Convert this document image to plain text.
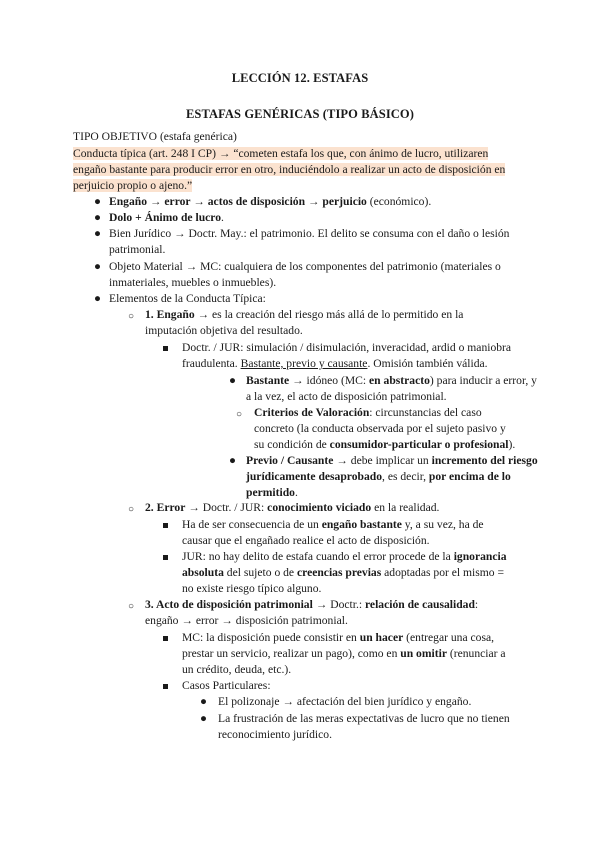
LECCIÓN 12. ESTAFAS
ESTAFAS GENÉRICAS (TIPO BÁSICO)
TIPO OBJETIVO (estafa genérica)
Conducta típica (art. 248 I CP) → “cometen estafa los que, con ánimo de lucro, utilizaren
engaño bastante para producir error en otro, induciéndolo a realizar un acto de disposición en
perjuicio propio o ajeno.”
● Engaño → error → actos de disposición → perjuicio (económico).
● Dolo + Ánimo de lucro.
● Bien Jurídico → Doctr. May.: el patrimonio. El delito se consuma con el daño o lesión
patrimonial.
● Objeto Material → MC: cualquiera de los componentes del patrimonio (materiales o
inmateriales, muebles o inmuebles).
● Elementos de la Conducta Típica:
○ 1. Engaño → es la creación del riesgo más allá de lo permitido en la
imputación objetiva del resultado.
Doctr. / JUR: simulación / disimulación, inveracidad, ardid o maniobra
fraudulenta. Bastante, previo y causante. Omisión también válida.
● Bastante → idóneo (MC: en abstracto) para inducir a error, y
a la vez, el acto de disposición patrimonial.
○ Criterios de Valoración: circunstancias del caso
concreto (la conducta observada por el sujeto pasivo y
su condición de consumidor-particular o profesional).
● Previo / Causante → debe implicar un incremento del riesgo
jurídicamente desaprobado, es decir, por encima de lo
permitido.
○ 2. Error → Doctr. / JUR: conocimiento viciado en la realidad.
Ha de ser consecuencia de un engaño bastante y, a su vez, ha de
causar que el engañado realice el acto de disposición.
JUR: no hay delito de estafa cuando el error procede de la ignorancia
absoluta del sujeto o de creencias previas adoptadas por el mismo =
no existe riesgo típico alguno.
○ 3. Acto de disposición patrimonial → Doctr.: relación de causalidad:
engaño → error → disposición patrimonial.
MC: la disposición puede consistir en un hacer (entregar una cosa,
prestar un servicio, realizar un pago), como en un omitir (renunciar a
un crédito, deuda, etc.).
Casos Particulares:
● El polizonaje → afectación del bien jurídico y engaño.
● La frustración de las meras expectativas de lucro que no tienen
reconocimiento jurídico.
